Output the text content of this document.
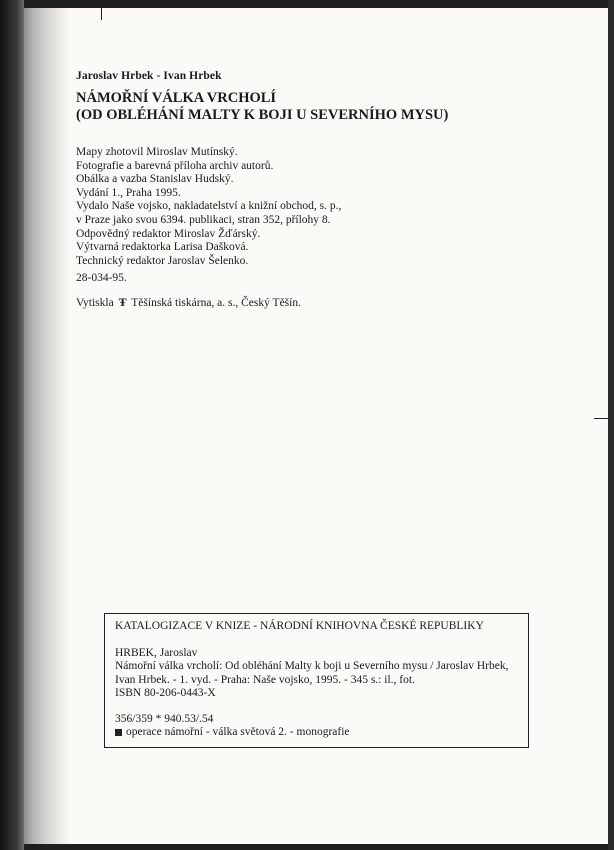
Jaroslav Hrbek - Ivan Hrbek
NÁMOŘNÍ VÁLKA VRCHOLÍ
(OD OBLÉHÁNÍ MALTY K BOJI U SEVERNÍHO MYSU)
Mapy zhotovil Miroslav Mutínský.
Fotografie a barevná příloha archiv autorů.
Obálka a vazba Stanislav Hudský.
Vydání 1., Praha 1995.
Vydalo Naše vojsko, nakladatelství a knižní obchod, s. p.,
v Praze jako svou 6394. publikaci, stran 352, přílohy 8.
Odpovědný redaktor Miroslav Žďárský.
Výtvarná redaktorka Larisa Dašková.
Technický redaktor Jaroslav Šelenko.
28-034-95.
Vytiskla Ŧ Těšínská tiskárna, a. s., Český Těšín.
KATALOGIZACE V KNIZE - NÁRODNÍ KNIHOVNA ČESKÉ REPUBLIKY
HRBEK, Jaroslav
Námořní válka vrcholí: Od obléhání Malty k boji u Severního mysu / Jaroslav Hrbek,
Ivan Hrbek. - 1. vyd. - Praha: Naše vojsko, 1995. - 345 s.: il., fot.
ISBN 80-206-0443-X
356/359 * 940.53/.54
operace námořní - válka světová 2. - monografie
